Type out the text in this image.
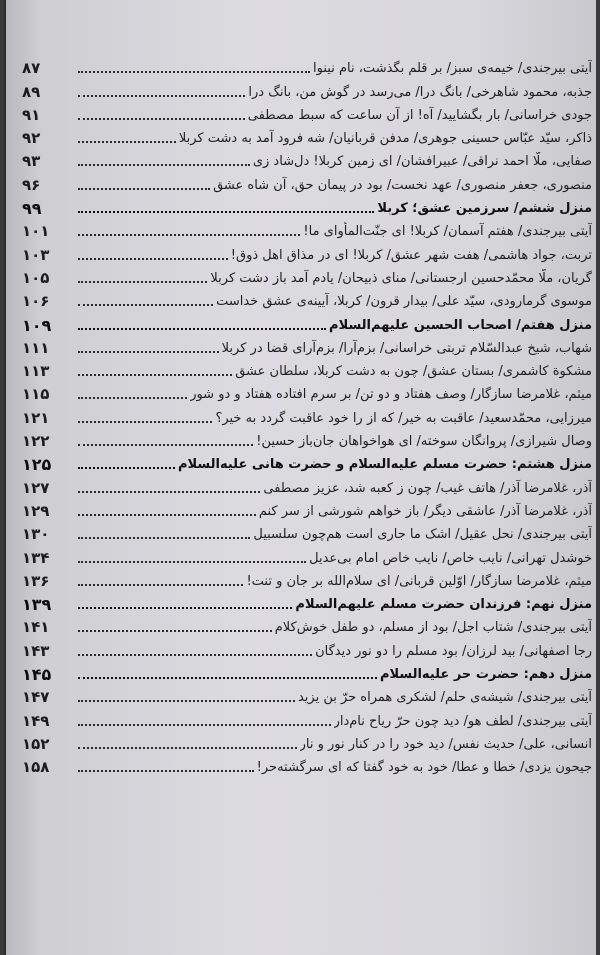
۸۷	آیتی بیرجندی/ خیمه‌ی سبز/ بر قلم بگذشت، نام نینوا
۸۹	جذبه، محمود شاهرخی/ بانگ درا/ می‌رسد در گوش من، بانگ درا
۹۱	جودی خراسانی/ بار بگشایید/ آه! از آن ساعت که سبط مصطفی
۹۲	ذاکر، سیّد عبّاس حسینی جوهری/ مدفن قربانیان/ شه فرود آمد به دشت کربلا
۹۳	صفایی، ملّا احمد نراقی/ عبیرافشان/ ای زمین کربلا! دل‌شاد زی
۹۶	منصوری، جعفر منصوری/ عهد نخست/ بود در پیمان حق، آن شاه عشق
۹۹	منزل ششم/ سرزمین عشق؛ کربلا
۱۰۱	آیتی بیرجندی/ هفتم آسمان/ کربلا! ای جنّت‌المأوای ما!
۱۰۳	تربت، جواد هاشمی/ هفت شهر عشق/ کربلا! ای در مذاق اهل ذوق!
۱۰۵	گریان، ملّا محمّدحسین ارجستانی/ منای ذبیحان/ یادم آمد باز دشت کربلا
۱۰۶	موسوی گرمارودی، سیّد علی/ بیدار قرون/ کربلا، آیینه‌ی عشق خداست
۱۰۹	منزل هفتم/ اصحاب الحسین علیهم‌السلام
۱۱۱	شهاب، شیخ عبدالسّلام تربتی خراسانی/ بزم‌آرا/ بزم‌آرای قضا در کربلا
۱۱۳	مشکوة کاشمری/ بستان عشق/ چون به دشت کربلا، سلطان عشق
۱۱۵	میثم، غلامرضا سازگار/ وصف هفتاد و دو تن/ بر سرم افتاده هفتاد و دو شور
۱۲۱	میرزایی، محمّدسعید/ عاقبت به خیر/ که از را خود عاقبت گردد به خیر؟
۱۲۲	وصال شیرازی/ پروانگان سوخته/ ای هواخواهان جان‌باز حسین!
۱۲۵	منزل هشتم: حضرت مسلم علیه‌السلام و حضرت هانی علیه‌السلام
۱۲۷	آذر، غلامرضا آذر/ هاتف غیب/ چون ز کعبه شد، عزیز مصطفی
۱۲۹	آذر، غلامرضا آذر/ عاشقی دیگر/ باز خواهم شورشی از سر کنم
۱۳۰	آیتی بیرجندی/ نحل عقیل/ اشک ما جاری است هم‌چون سلسبیل
۱۳۴	خوشدل تهرانی/ نایب خاص/ نایب خاص امام بی‌عدیل
۱۳۶	میثم، غلامرضا سازگار/ اوّلین قربانی/ ای سلام‌الله بر جان و تنت!
۱۳۹	منزل نهم: فرزندان حضرت مسلم علیهم‌السلام
۱۴۱	آیتی بیرجندی/ شتاب اجل/ بود از مسلم، دو طفل خوش‌کلام
۱۴۳	رجا اصفهانی/ بید لرزان/ بود مسلم را دو نور دیدگان
۱۴۵	منزل دهم: حضرت حر علیه‌السلام
۱۴۷	آیتی بیرجندی/ شیشه‌ی حلم/ لشکری همراه حرّ بن یزید
۱۴۹	آیتی بیرجندی/ لطف هو/ دید چون حرّ ریاح نام‌دار
۱۵۲	انسانی، علی/ حدیث نفس/ دید خود را در کنار نور و نار
۱۵۸	جیحون یزدی/ خطا و عطا/ خود به خود گفتا که ای سرگشته‌حر!
